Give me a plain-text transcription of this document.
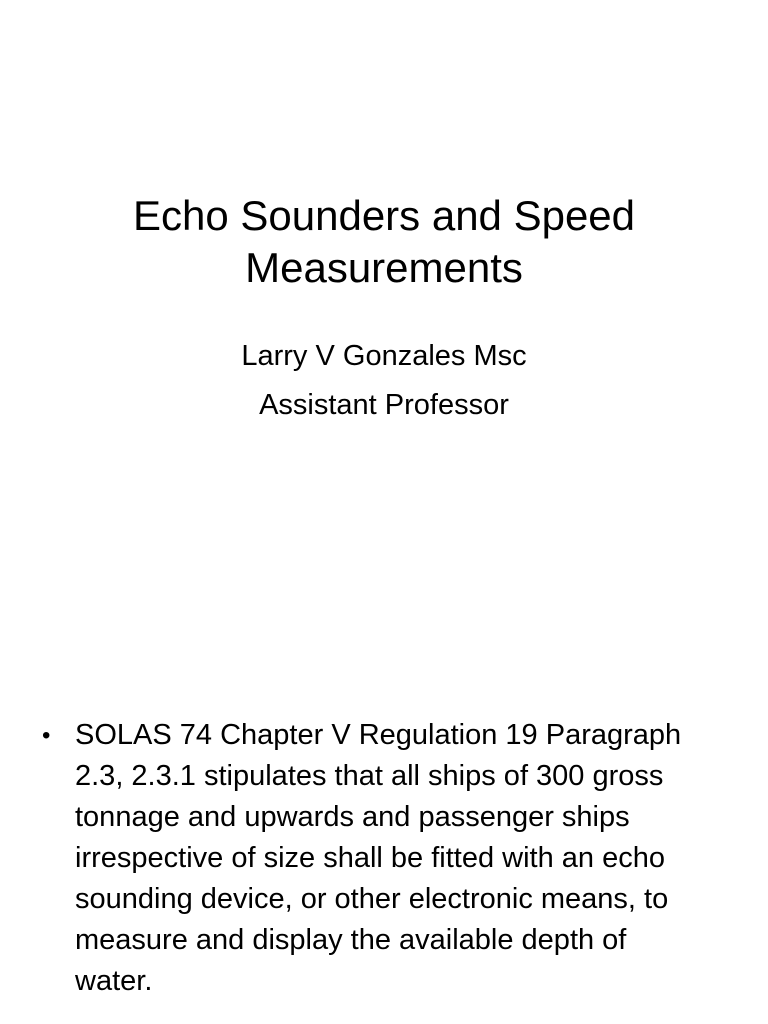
Echo Sounders and Speed
Measurements
Larry V Gonzales Msc
Assistant Professor
• SOLAS 74 Chapter V Regulation 19 Paragraph 2.3, 2.3.1 stipulates that all ships of 300 gross tonnage and upwards and passenger ships irrespective of size shall be fitted with an echo sounding device, or other electronic means, to measure and display the available depth of water.
